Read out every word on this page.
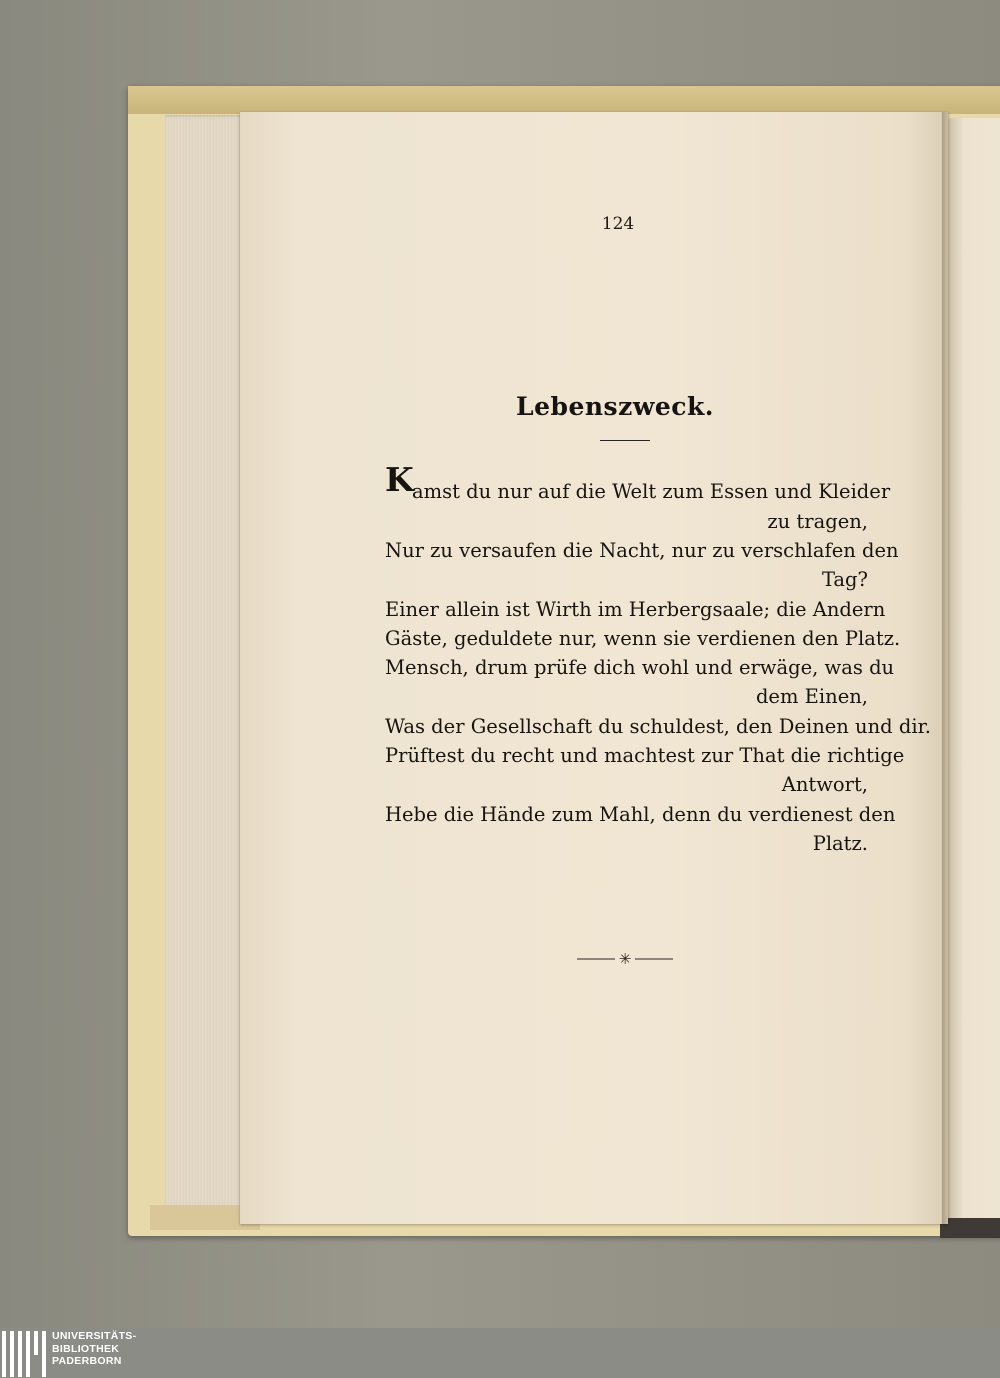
124
Lebenszweck.
K
amst du nur auf die Welt zum Essen und Kleider
zu tragen,
Nur zu versaufen die Nacht, nur zu verschlafen den
Tag?
Einer allein ist Wirth im Herbergsaale; die Andern
Gäste, geduldete nur, wenn sie verdienen den Platz.
Mensch, drum prüfe dich wohl und erwäge, was du
dem Einen,
Was der Gesellschaft du schuldest, den Deinen und dir.
Prüftest du recht und machtest zur That die richtige
Antwort,
Hebe die Hände zum Mahl, denn du verdienest den
Platz.
✳
UNIVERSITÄTS-
BIBLIOTHEK
PADERBORN
